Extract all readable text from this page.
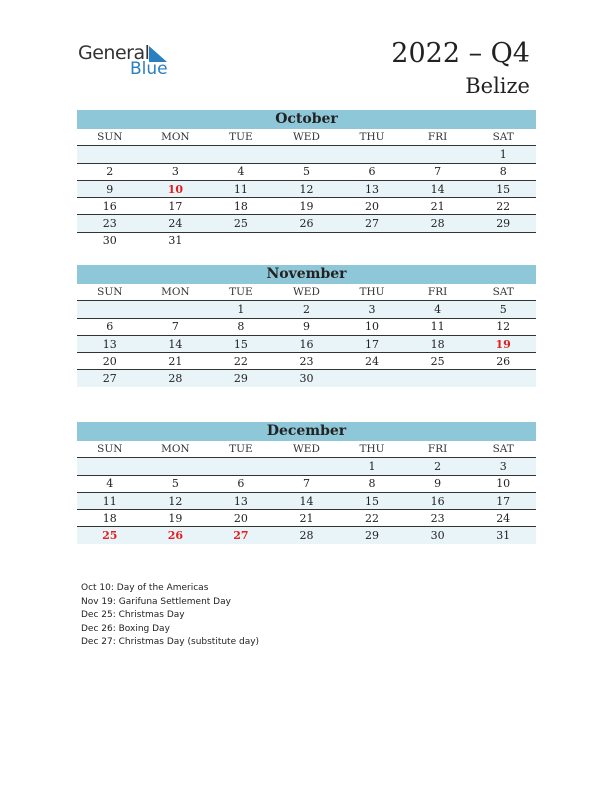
General
Blue	2022 – Q4
Belize
October
SUN	MON	TUE	WED	THU	FRI	SAT
						1
2	3	4	5	6	7	8
9	10	11	12	13	14	15
16	17	18	19	20	21	22
23	24	25	26	27	28	29
30	31					
November
SUN	MON	TUE	WED	THU	FRI	SAT
		1	2	3	4	5
6	7	8	9	10	11	12
13	14	15	16	17	18	19
20	21	22	23	24	25	26
27	28	29	30			
December
SUN	MON	TUE	WED	THU	FRI	SAT
				1	2	3
4	5	6	7	8	9	10
11	12	13	14	15	16	17
18	19	20	21	22	23	24
25	26	27	28	29	30	31
Oct 10: Day of the Americas
Nov 19: Garifuna Settlement Day
Dec 25: Christmas Day
Dec 26: Boxing Day
Dec 27: Christmas Day (substitute day)
